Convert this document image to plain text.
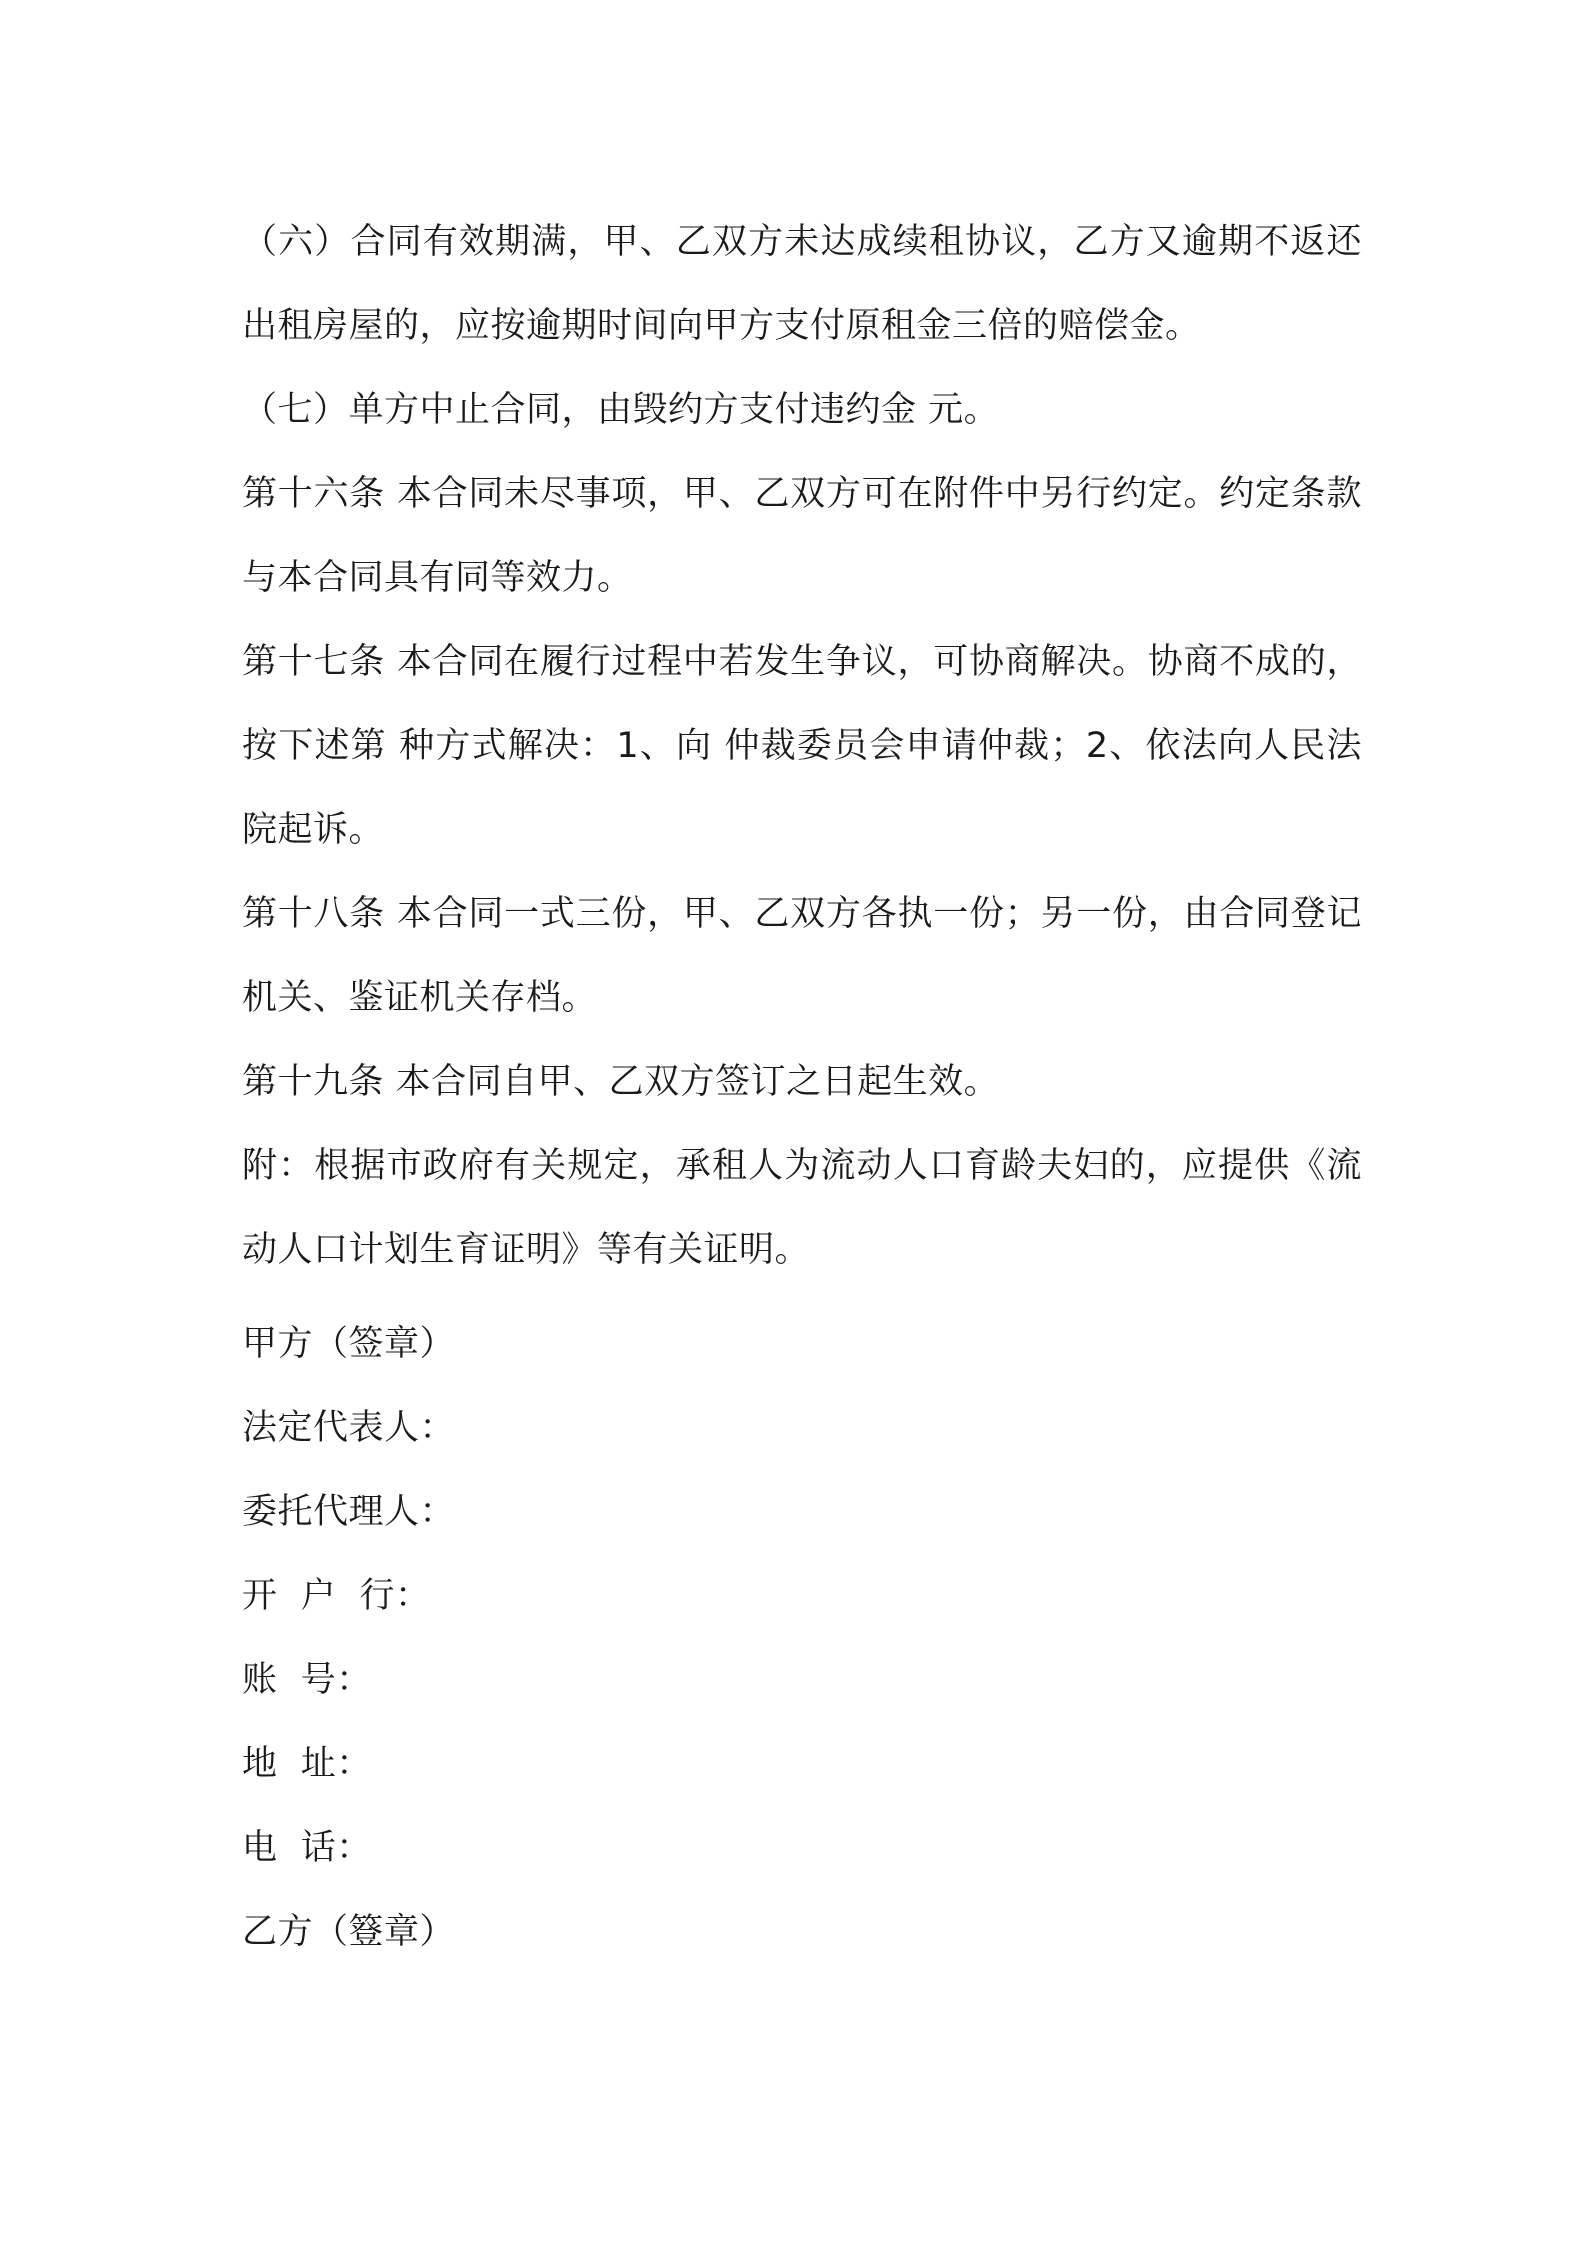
（六）合同有效期满，甲、乙双方未达成续租协议，乙方又逾期不返还出租房屋的，应按逾期时间向甲方支付原租金三倍的赔偿金。

（七）单方中止合同，由毁约方支付违约金 元。

第十六条 本合同未尽事项，甲、乙双方可在附件中另行约定。约定条款与本合同具有同等效力。

第十七条 本合同在履行过程中若发生争议，可协商解决。协商不成的，按下述第 种方式解决：1、向 仲裁委员会申请仲裁；2、依法向人民法院起诉。

第十八条 本合同一式三份，甲、乙双方各执一份；另一份，由合同登记机关、鉴证机关存档。

第十九条 本合同自甲、乙双方签订之日起生效。

附：根据市政府有关规定，承租人为流动人口育龄夫妇的，应提供《流动人口计划生育证明》等有关证明。

甲方（签章）

法定代表人：

委托代理人：

开  户  行：

账  号：

地  址：

电  话：

乙方（簦章）
